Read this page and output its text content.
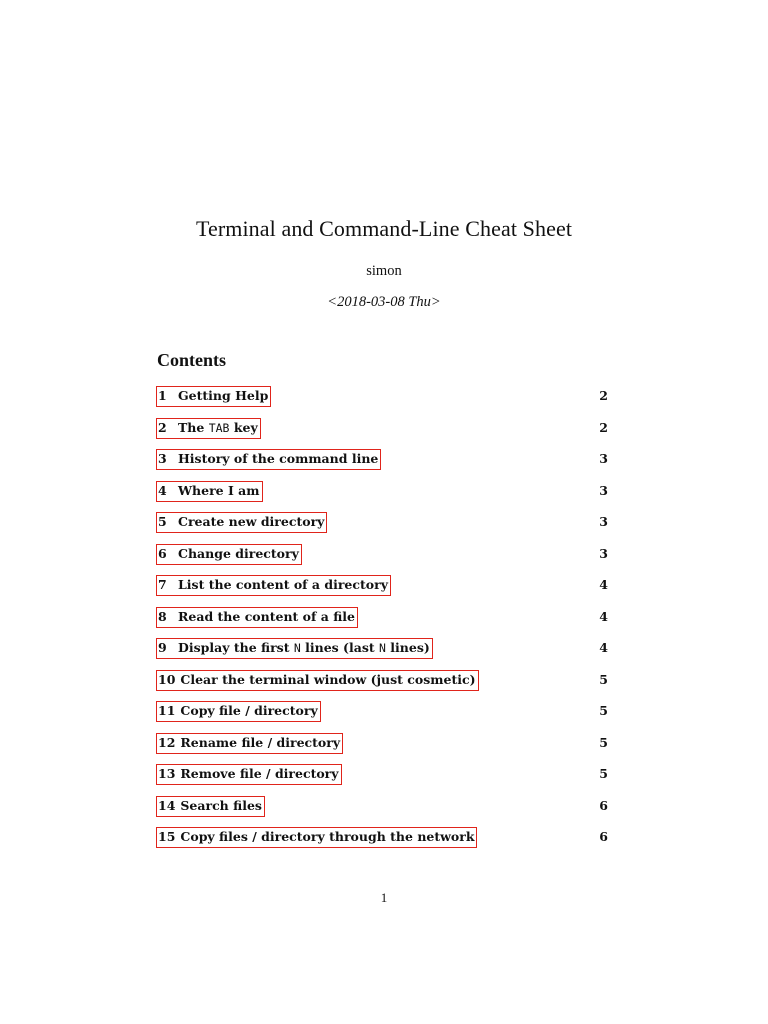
Terminal and Command-Line Cheat Sheet
simon
<2018-03-08 Thu>
Contents
1 Getting Help	2
2 The TAB key	2
3 History of the command line	3
4 Where I am	3
5 Create new directory	3
6 Change directory	3
7 List the content of a directory	4
8 Read the content of a file	4
9 Display the first N lines (last N lines)	4
10 Clear the terminal window (just cosmetic)	5
11 Copy file / directory	5
12 Rename file / directory	5
13 Remove file / directory	5
14 Search files	6
15 Copy files / directory through the network	6
1
